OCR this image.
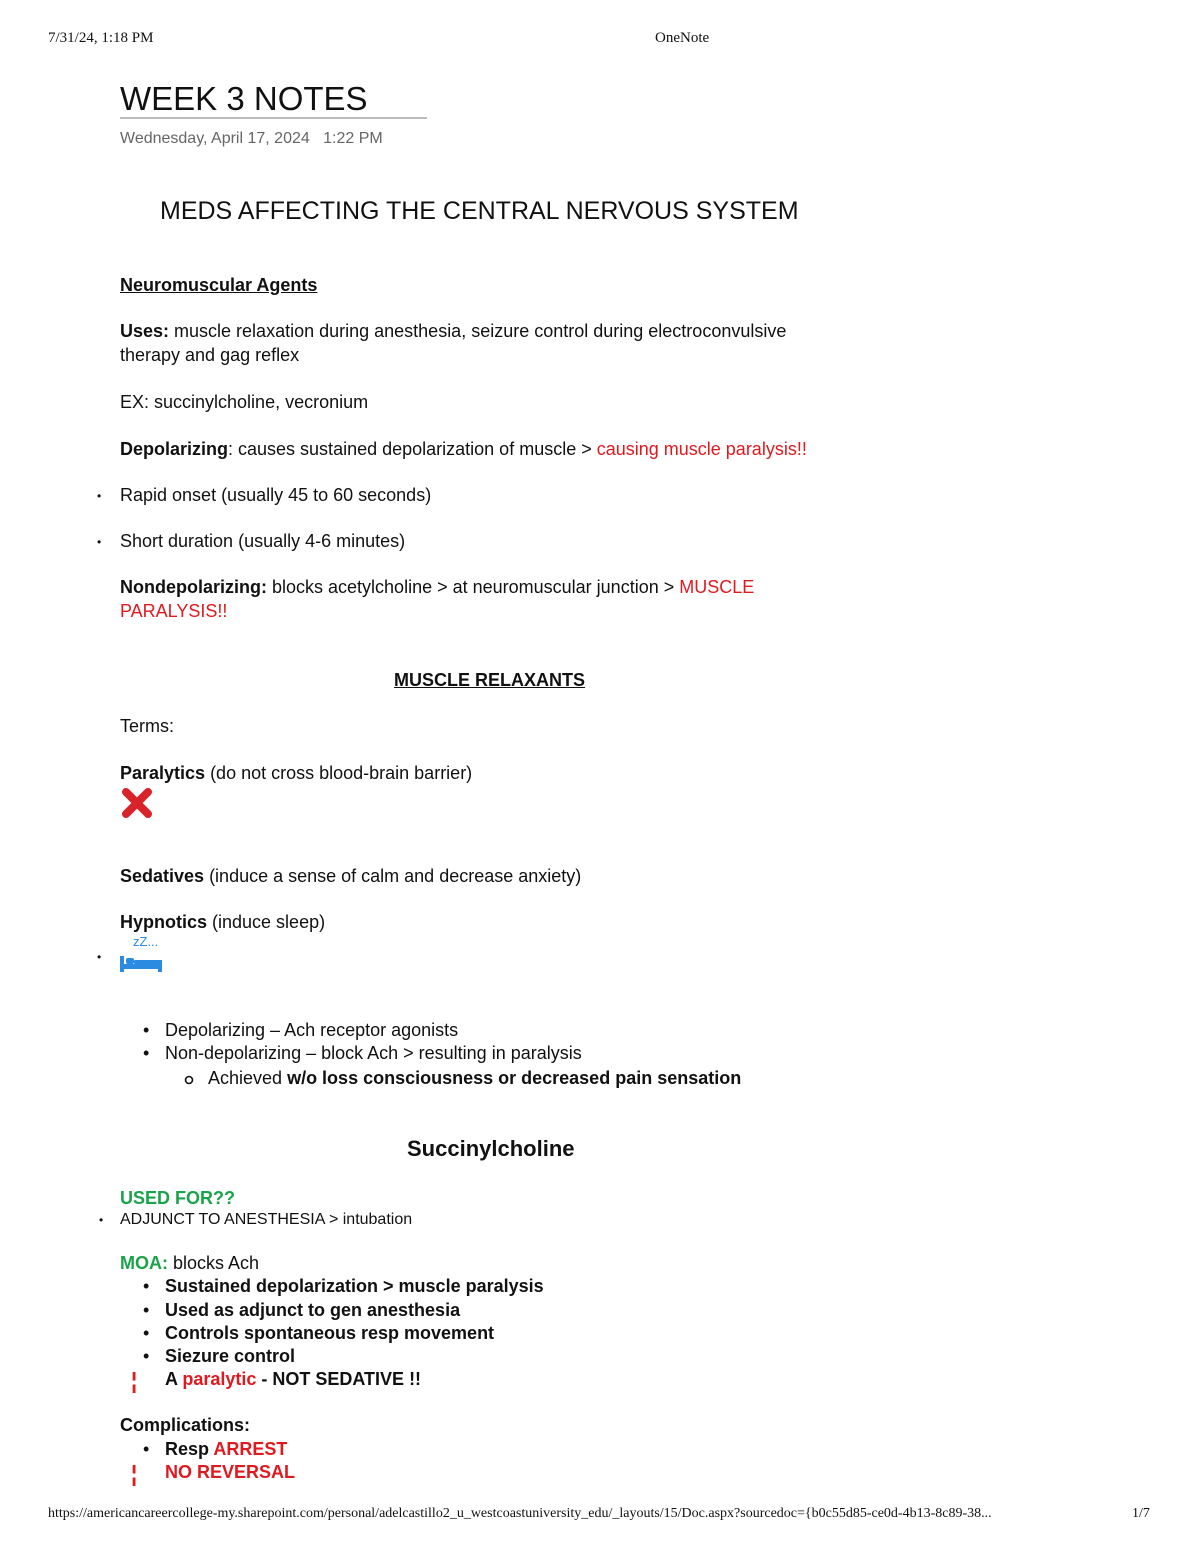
7/31/24, 1:18 PM	OneNote
WEEK 3 NOTES
Wednesday, April 17, 2024 1:22 PM
MEDS AFFECTING THE CENTRAL NERVOUS SYSTEM
Neuromuscular Agents
Uses: muscle relaxation during anesthesia, seizure control during electroconvulsive
therapy and gag reflex
EX: succinylcholine, vecronium
Depolarizing: causes sustained depolarization of muscle > causing muscle paralysis!!
• Rapid onset (usually 45 to 60 seconds)
• Short duration (usually 4-6 minutes)
Nondepolarizing: blocks acetylcholine > at neuromuscular junction > MUSCLE
PARALYSIS!!
MUSCLE RELAXANTS
Terms:
Paralytics (do not cross blood-brain barrier)
Sedatives (induce a sense of calm and decrease anxiety)
Hypnotics (induce sleep)
•
zZ...
• Depolarizing – Ach receptor agonists
• Non-depolarizing – block Ach > resulting in paralysis
Achieved w/o loss consciousness or decreased pain sensation
Succinylcholine
USED FOR??
• ADJUNCT TO ANESTHESIA > intubation
MOA: blocks Ach
• Sustained depolarization > muscle paralysis
• Used as adjunct to gen anesthesia
• Controls spontaneous resp movement
• Siezure control
¦ A paralytic - NOT SEDATIVE !!
Complications:
• Resp ARREST
¦ NO REVERSAL
https://americancareercollege-my.sharepoint.com/personal/adelcastillo2_u_westcoastuniversity_edu/_layouts/15/Doc.aspx?sourcedoc={b0c55d85-ce0d-4b13-8c89-38...	1/7
